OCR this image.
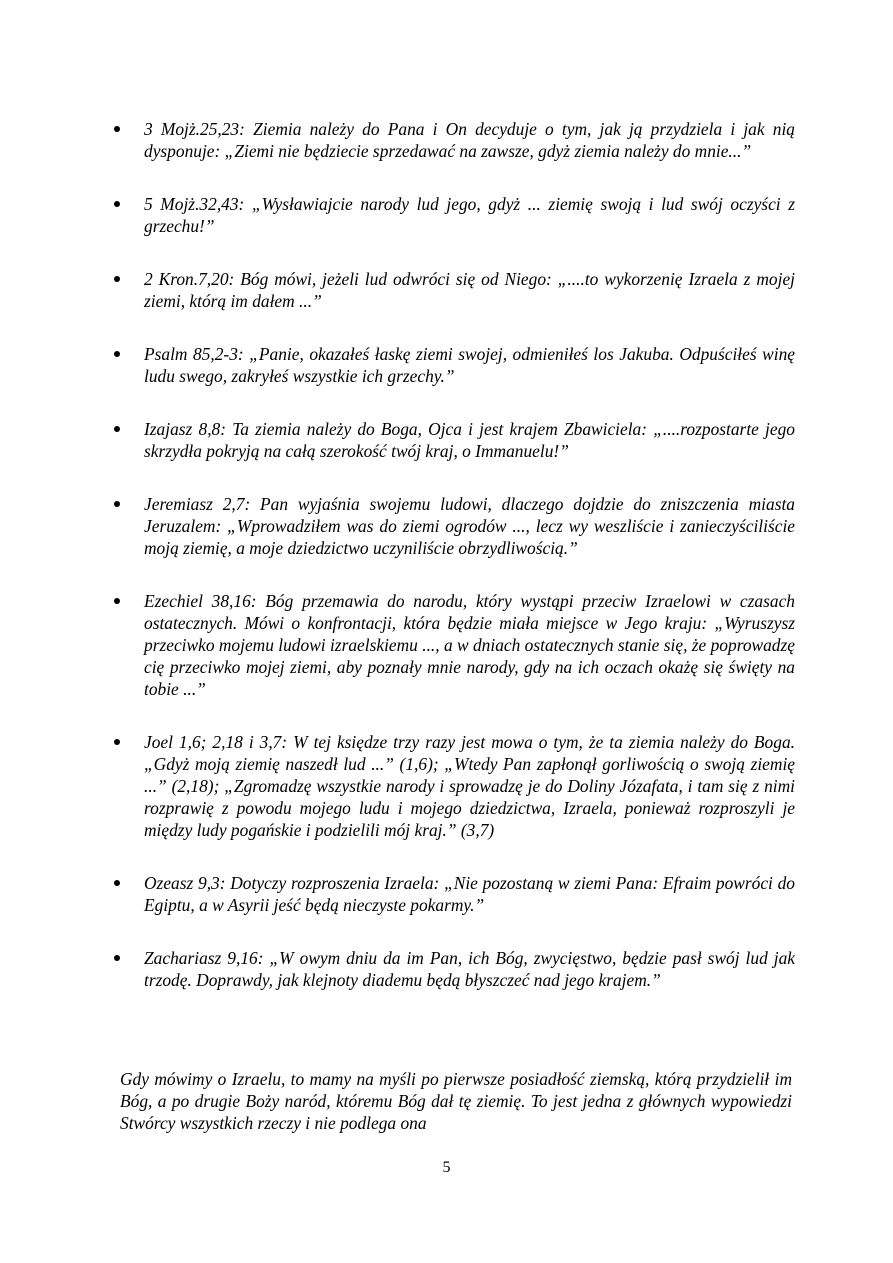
3 Mojż.25,23: Ziemia należy do Pana i On decyduje o tym, jak ją przydziela i jak nią dysponuje: „Ziemi nie będziecie sprzedawać na zawsze, gdyż ziemia należy do mnie...”
5 Mojż.32,43: „Wysławiajcie narody lud jego, gdyż ... ziemię swoją i lud swój oczyści z grzechu!”
2 Kron.7,20: Bóg mówi, jeżeli lud odwróci się od Niego: „....to wykorzenię Izraela z mojej ziemi, którą im dałem ...”
Psalm 85,2-3: „Panie, okazałeś łaskę ziemi swojej, odmieniłeś los Jakuba. Odpuściłeś winę ludu swego, zakryłeś wszystkie ich grzechy.”
Izajasz 8,8: Ta ziemia należy do Boga, Ojca i jest krajem Zbawiciela: „....rozpostarte jego skrzydła pokryją na całą szerokość twój kraj, o Immanuelu!”
Jeremiasz 2,7: Pan wyjaśnia swojemu ludowi, dlaczego dojdzie do zniszczenia miasta Jeruzalem: „Wprowadziłem was do ziemi ogrodów ..., lecz wy weszliście i zanieczyściliście moją ziemię, a moje dziedzictwo uczyniliście obrzydliwością.”
Ezechiel 38,16: Bóg przemawia do narodu, który wystąpi przeciw Izraelowi w czasach ostatecznych. Mówi o konfrontacji, która będzie miała miejsce w Jego kraju: „Wyruszysz przeciwko mojemu ludowi izraelskiemu ..., a w dniach ostatecznych stanie się, że poprowadzę cię przeciwko mojej ziemi, aby poznały mnie narody, gdy na ich oczach okażę się święty na tobie ...”
Joel 1,6; 2,18 i 3,7: W tej księdze trzy razy jest mowa o tym, że ta ziemia należy do Boga. „Gdyż moją ziemię naszedł lud ...” (1,6); „Wtedy Pan zapłonął gorliwością o swoją ziemię ...” (2,18); „Zgromadzę wszystkie narody i sprowadzę je do Doliny Józafata, i tam się z nimi rozprawię z powodu mojego ludu i mojego dziedzictwa, Izraela, ponieważ rozproszyli je między ludy pogańskie i podzielili mój kraj.” (3,7)
Ozeasz 9,3: Dotyczy rozproszenia Izraela: „Nie pozostaną w ziemi Pana: Efraim powróci do Egiptu, a w Asyrii jeść będą nieczyste pokarmy.”
Zachariasz 9,16: „W owym dniu da im Pan, ich Bóg, zwycięstwo, będzie pasł swój lud jak trzodę. Doprawdy, jak klejnoty diademu będą błyszczeć nad jego krajem.”

Gdy mówimy o Izraelu, to mamy na myśli po pierwsze posiadłość ziemską, którą przydzielił im Bóg, a po drugie Boży naród, któremu Bóg dał tę ziemię. To jest jedna z głównych wypowiedzi Stwórcy wszystkich rzeczy i nie podlega ona

5
